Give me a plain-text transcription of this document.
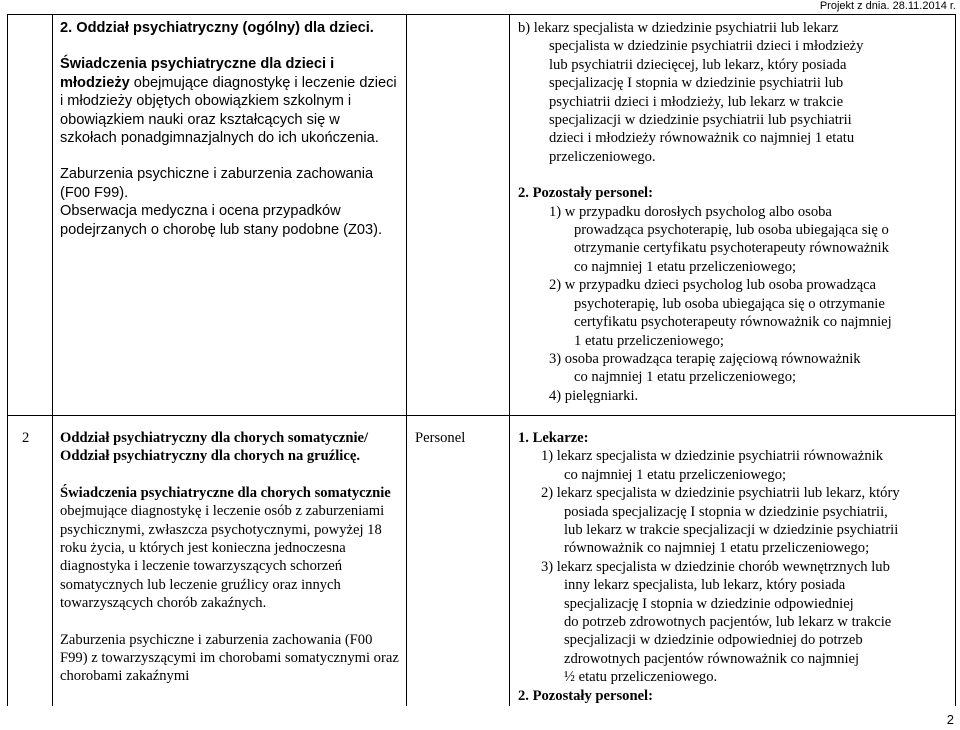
Projekt z dnia. 28.11.2014 r.

2. Oddział psychiatryczny (ogólny) dla dzieci.

Świadczenia psychiatryczne dla dzieci i młodzieży obejmujące diagnostykę i leczenie dzieci i młodzieży objętych obowiązkiem szkolnym i obowiązkiem nauki oraz kształcących się w szkołach ponadgimnazjalnych do ich ukończenia.

Zaburzenia psychiczne i zaburzenia zachowania (F00 F99).

Obserwacja medyczna i ocena przypadków podejrzanych o chorobę lub stany podobne (Z03).

b) lekarz specjalista w dziedzinie psychiatrii lub lekarz

specjalista w dziedzinie psychiatrii dzieci i młodzieży

lub psychiatrii dziecięcej, lub lekarz, który posiada

specjalizację I stopnia w dziedzinie psychiatrii lub

psychiatrii dzieci i młodzieży, lub lekarz w trakcie

specjalizacji w dziedzinie psychiatrii lub psychiatrii

dzieci i młodzieży równoważnik co najmniej 1 etatu

przeliczeniowego.

2. Pozostały personel:

1) w przypadku dorosłych psycholog albo osoba

prowadząca psychoterapię, lub osoba ubiegająca się o

otrzymanie certyfikatu psychoterapeuty równoważnik

co najmniej 1 etatu przeliczeniowego;

2) w przypadku dzieci psycholog lub osoba prowadząca

psychoterapię, lub osoba ubiegająca się o otrzymanie

certyfikatu psychoterapeuty równoważnik co najmniej

1 etatu przeliczeniowego;

3) osoba prowadząca terapię zajęciową równoważnik

co najmniej 1 etatu przeliczeniowego;

4) pielęgniarki.

2	Oddział psychiatryczny dla chorych somatycznie/

Oddział psychiatryczny dla chorych na gruźlicę.

Świadczenia psychiatryczne dla chorych somatycznie obejmujące diagnostykę i leczenie osób z zaburzeniami psychicznymi, zwłaszcza psychotycznymi, powyżej 18 roku życia, u których jest konieczna jednoczesna diagnostyka i leczenie towarzyszących schorzeń somatycznych lub leczenie gruźlicy oraz innych towarzyszących chorób zakaźnych.

Zaburzenia psychiczne i zaburzenia zachowania (F00 F99) z towarzyszącymi im chorobami somatycznymi oraz chorobami zakaźnymi

Personel	1. Lekarze:

1) lekarz specjalista w dziedzinie psychiatrii równoważnik

co najmniej 1 etatu przeliczeniowego;

2) lekarz specjalista w dziedzinie psychiatrii lub lekarz, który

posiada specjalizację I stopnia w dziedzinie psychiatrii,

lub lekarz w trakcie specjalizacji w dziedzinie psychiatrii

równoważnik co najmniej 1 etatu przeliczeniowego;

3) lekarz specjalista w dziedzinie chorób wewnętrznych lub

inny lekarz specjalista, lub lekarz, który posiada

specjalizację I stopnia w dziedzinie odpowiedniej

do potrzeb zdrowotnych pacjentów, lub lekarz w trakcie

specjalizacji w dziedzinie odpowiedniej do potrzeb

zdrowotnych pacjentów równoważnik co najmniej

½ etatu przeliczeniowego.

2. Pozostały personel:

2
